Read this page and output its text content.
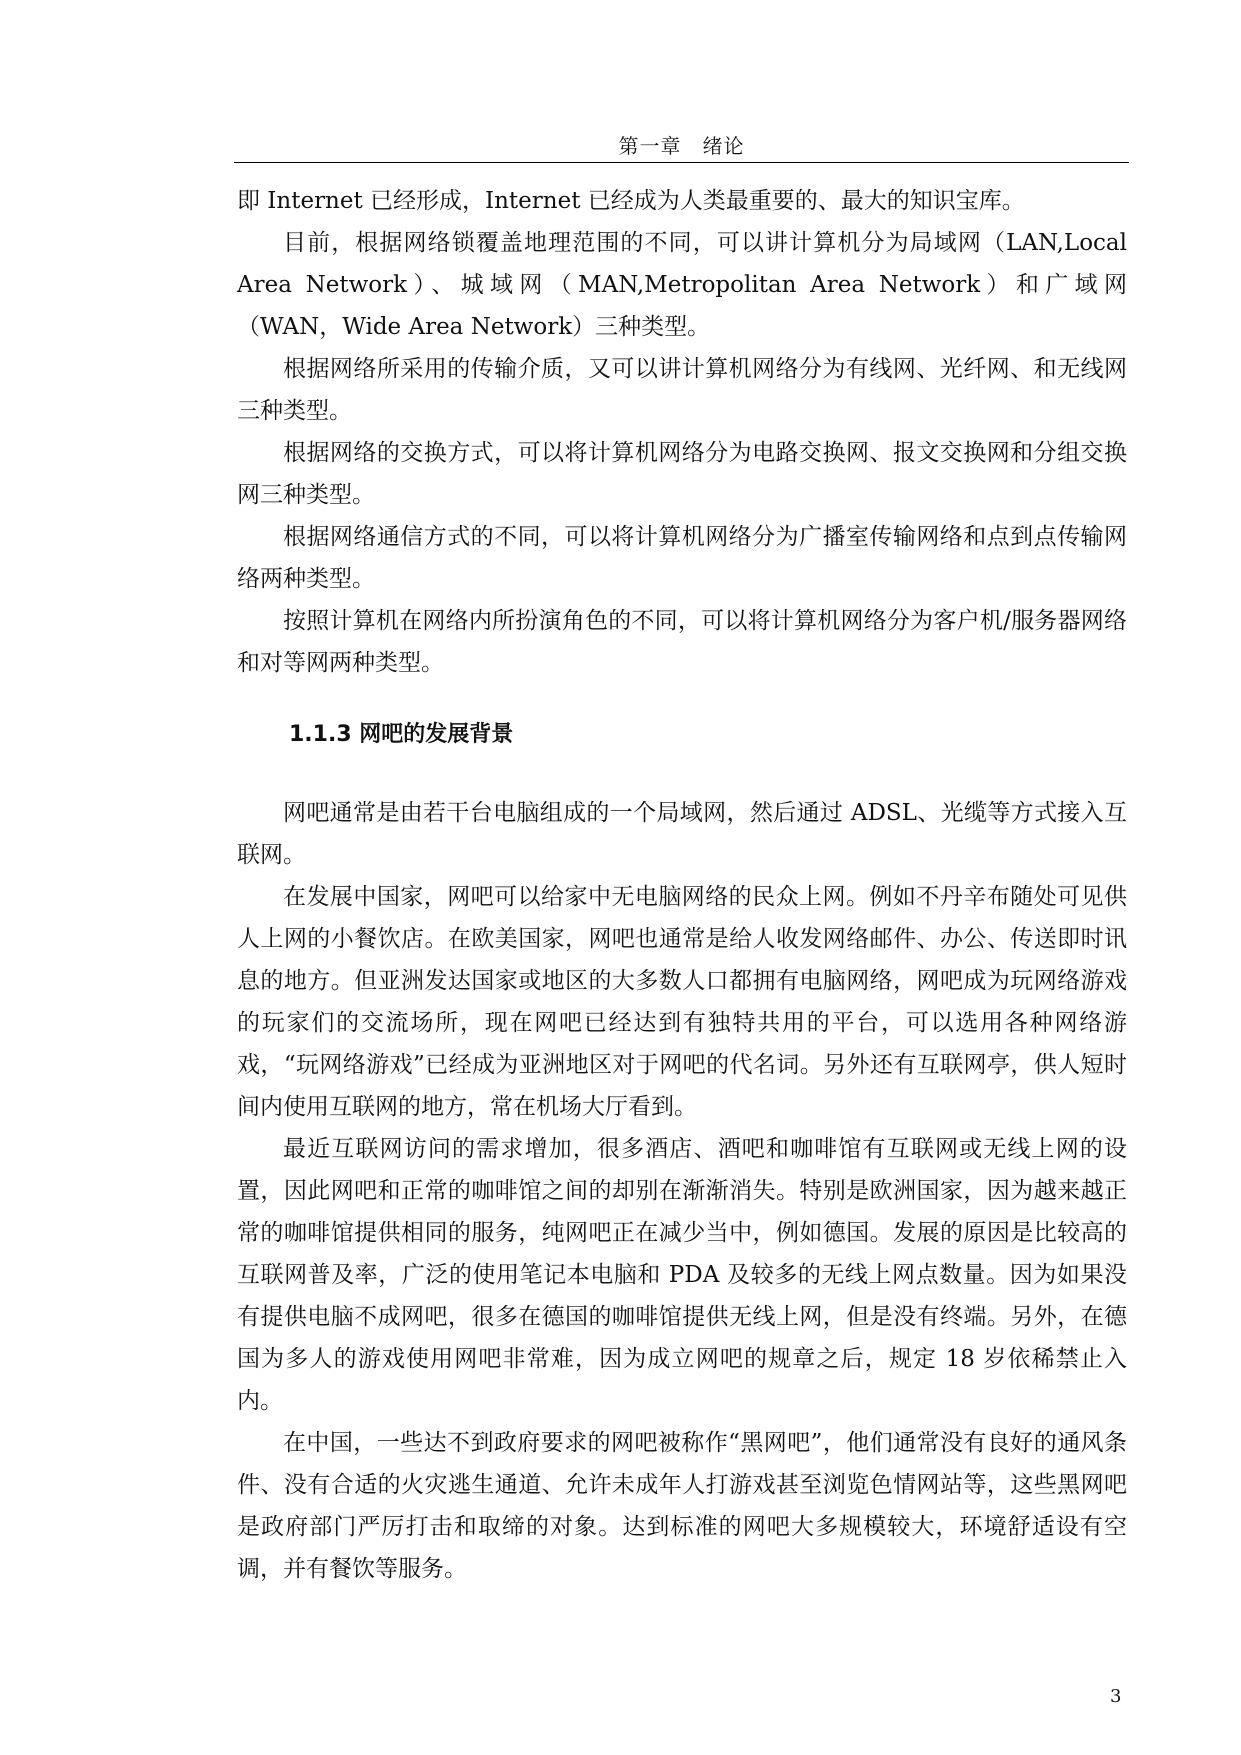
第一章　绪论

即 Internet 已经形成，Internet 已经成为人类最重要的、最大的知识宝库。

目前，根据网络锁覆盖地理范围的不同，可以讲计算机分为局域网（LAN,Local Area Network）、城域网（MAN,Metropolitan Area Network）和广域网（WAN，Wide Area Network）三种类型。

根据网络所采用的传输介质，又可以讲计算机网络分为有线网、光纤网、和无线网三种类型。

根据网络的交换方式，可以将计算机网络分为电路交换网、报文交换网和分组交换网三种类型。

根据网络通信方式的不同，可以将计算机网络分为广播室传输网络和点到点传输网络两种类型。

按照计算机在网络内所扮演角色的不同，可以将计算机网络分为客户机/服务器网络和对等网两种类型。

1.1.3 网吧的发展背景

网吧通常是由若干台电脑组成的一个局域网，然后通过 ADSL、光缆等方式接入互联网。

在发展中国家，网吧可以给家中无电脑网络的民众上网。例如不丹辛布随处可见供人上网的小餐饮店。在欧美国家，网吧也通常是给人收发网络邮件、办公、传送即时讯息的地方。但亚洲发达国家或地区的大多数人口都拥有电脑网络，网吧成为玩网络游戏的玩家们的交流场所，现在网吧已经达到有独特共用的平台，可以选用各种网络游戏，“玩网络游戏”已经成为亚洲地区对于网吧的代名词。另外还有互联网亭，供人短时间内使用互联网的地方，常在机场大厅看到。

最近互联网访问的需求增加，很多酒店、酒吧和咖啡馆有互联网或无线上网的设置，因此网吧和正常的咖啡馆之间的却别在渐渐消失。特别是欧洲国家，因为越来越正常的咖啡馆提供相同的服务，纯网吧正在减少当中，例如德国。发展的原因是比较高的互联网普及率，广泛的使用笔记本电脑和 PDA 及较多的无线上网点数量。因为如果没有提供电脑不成网吧，很多在德国的咖啡馆提供无线上网，但是没有终端。另外，在德国为多人的游戏使用网吧非常难，因为成立网吧的规章之后，规定 18 岁依稀禁止入内。

在中国，一些达不到政府要求的网吧被称作“黑网吧”，他们通常没有良好的通风条件、没有合适的火灾逃生通道、允许未成年人打游戏甚至浏览色情网站等，这些黑网吧是政府部门严厉打击和取缔的对象。达到标准的网吧大多规模较大，环境舒适设有空调，并有餐饮等服务。

3
